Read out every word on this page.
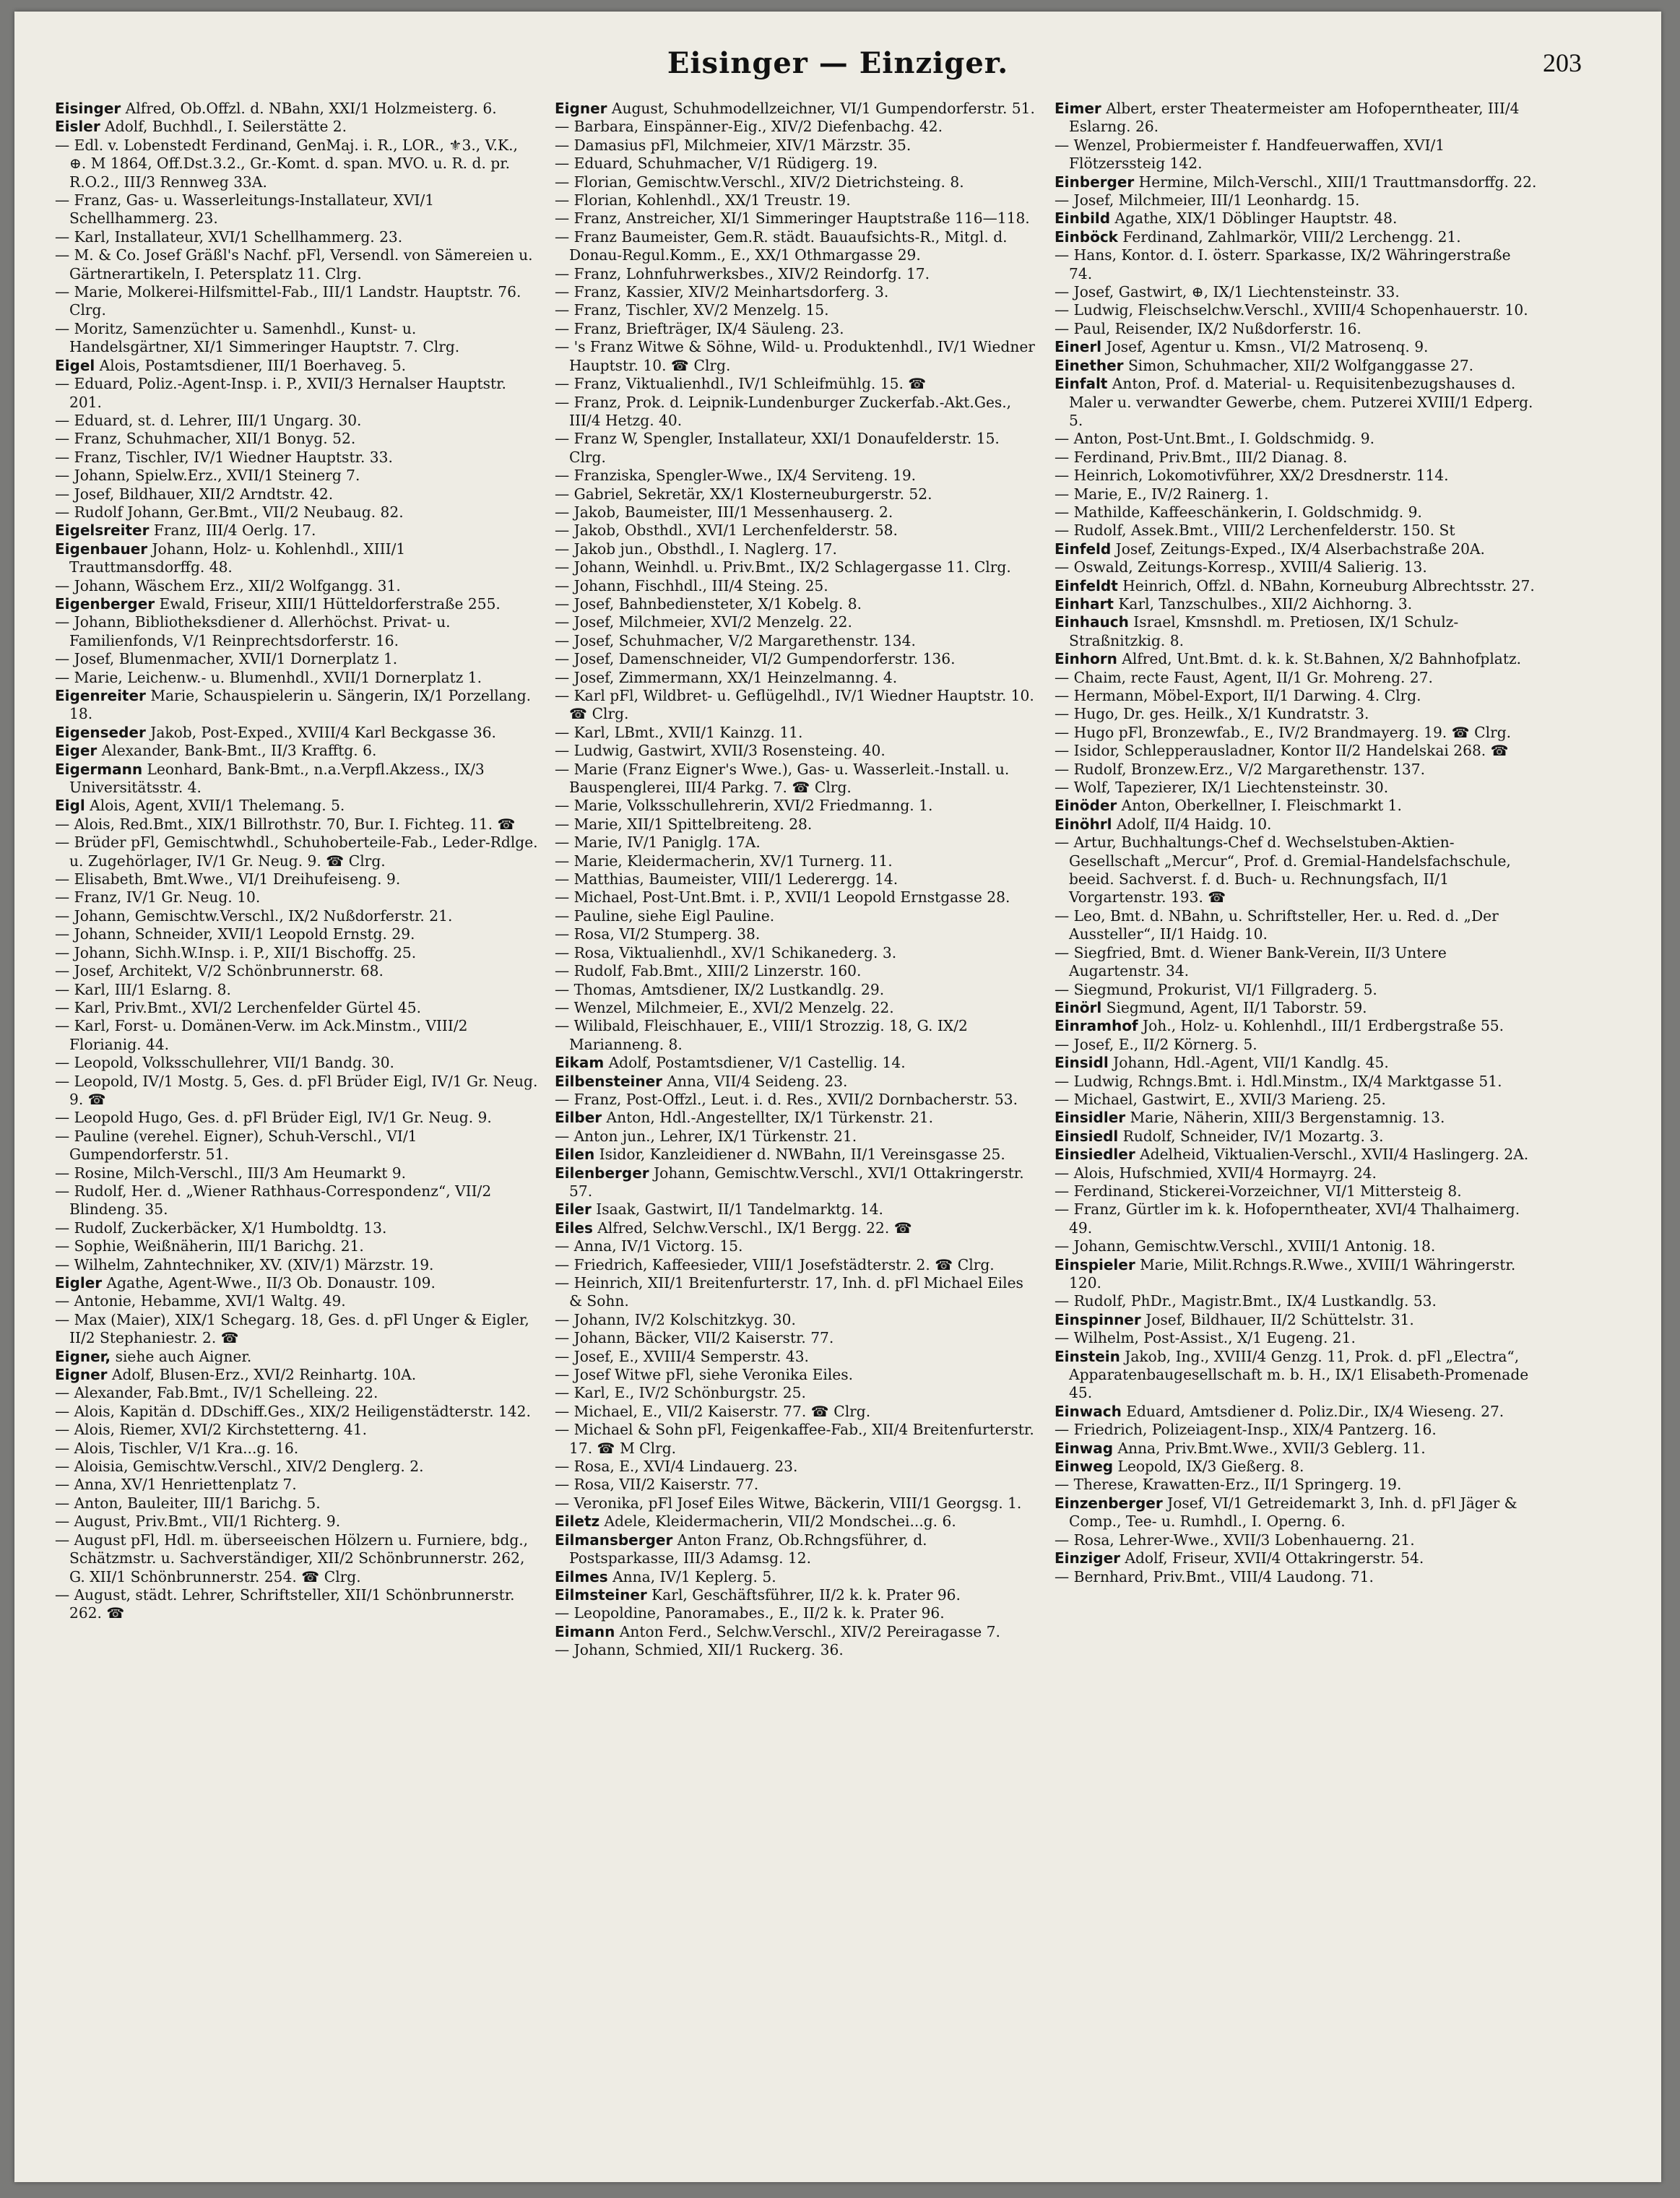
Eisinger — Einziger.	203

Eisinger Alfred, Ob.Offzl. d. NBahn, XXI/1 Holzmeisterg. 6.

Eisler Adolf, Buchhdl., I. Seilerstätte 2.

— Edl. v. Lobenstedt Ferdinand, GenMaj. i. R., LOR., ⚜3., V.K., ⊕. M 1864, Off.Dst.3.2., Gr.-Komt. d. span. MVO. u. R. d. pr. R.O.2., III/3 Rennweg 33A.

— Franz, Gas- u. Wasserleitungs-Installateur, XVI/1 Schellhammerg. 23.

— Karl, Installateur, XVI/1 Schellhammerg. 23.

— M. & Co. Josef Gräßl's Nachf. pFl, Versendl. von Sämereien u. Gärtnerartikeln, I. Petersplatz 11. Clrg.

— Marie, Molkerei-Hilfsmittel-Fab., III/1 Landstr. Hauptstr. 76. Clrg.

— Moritz, Samenzüchter u. Samenhdl., Kunst- u. Handelsgärtner, XI/1 Simmeringer Hauptstr. 7. Clrg.

Eigel Alois, Postamtsdiener, III/1 Boerhaveg. 5.

— Eduard, Poliz.-Agent-Insp. i. P., XVII/3 Hernalser Hauptstr. 201.

— Eduard, st. d. Lehrer, III/1 Ungarg. 30.

— Franz, Schuhmacher, XII/1 Bonyg. 52.

— Franz, Tischler, IV/1 Wiedner Hauptstr. 33.

— Johann, Spielw.Erz., XVII/1 Steinerg 7.

— Josef, Bildhauer, XII/2 Arndtstr. 42.

— Rudolf Johann, Ger.Bmt., VII/2 Neubaug. 82.

Eigelsreiter Franz, III/4 Oerlg. 17.

Eigenbauer Johann, Holz- u. Kohlenhdl., XIII/1 Trauttmansdorffg. 48.

— Johann, Wäschem Erz., XII/2 Wolfgangg. 31.

Eigenberger Ewald, Friseur, XIII/1 Hütteldorferstraße 255.

— Johann, Bibliotheksdiener d. Allerhöchst. Privat- u. Familienfonds, V/1 Reinprechtsdorferstr. 16.

— Josef, Blumenmacher, XVII/1 Dornerplatz 1.

— Marie, Leichenw.- u. Blumenhdl., XVII/1 Dornerplatz 1.

Eigenreiter Marie, Schauspielerin u. Sängerin, IX/1 Porzellang. 18.

Eigenseder Jakob, Post-Exped., XVIII/4 Karl Beckgasse 36.

Eiger Alexander, Bank-Bmt., II/3 Krafftg. 6.

Eigermann Leonhard, Bank-Bmt., n.a.Verpfl.Akzess., IX/3 Universitätsstr. 4.

Eigl Alois, Agent, XVII/1 Thelemang. 5.

— Alois, Red.Bmt., XIX/1 Billrothstr. 70, Bur. I. Fichteg. 11. ☎

— Brüder pFl, Gemischtwhdl., Schuhoberteile-Fab., Leder-Rdlge. u. Zugehörlager, IV/1 Gr. Neug. 9. ☎ Clrg.

— Elisabeth, Bmt.Wwe., VI/1 Dreihufeiseng. 9.

— Franz, IV/1 Gr. Neug. 10.

— Johann, Gemischtw.Verschl., IX/2 Nußdorferstr. 21.

— Johann, Schneider, XVII/1 Leopold Ernstg. 29.

— Johann, Sichh.W.Insp. i. P., XII/1 Bischoffg. 25.

— Josef, Architekt, V/2 Schönbrunnerstr. 68.

— Karl, III/1 Eslarng. 8.

— Karl, Priv.Bmt., XVI/2 Lerchenfelder Gürtel 45.

— Karl, Forst- u. Domänen-Verw. im Ack.Minstm., VIII/2 Florianig. 44.

— Leopold, Volksschullehrer, VII/1 Bandg. 30.

— Leopold, IV/1 Mostg. 5, Ges. d. pFl Brüder Eigl, IV/1 Gr. Neug. 9. ☎

— Leopold Hugo, Ges. d. pFl Brüder Eigl, IV/1 Gr. Neug. 9.

— Pauline (verehel. Eigner), Schuh-Verschl., VI/1 Gumpendorferstr. 51.

— Rosine, Milch-Verschl., III/3 Am Heumarkt 9.

— Rudolf, Her. d. „Wiener Rathhaus-Correspondenz“, VII/2 Blindeng. 35.

— Rudolf, Zuckerbäcker, X/1 Humboldtg. 13.

— Sophie, Weißnäherin, III/1 Barichg. 21.

— Wilhelm, Zahntechniker, XV. (XIV/1) Märzstr. 19.

Eigler Agathe, Agent-Wwe., II/3 Ob. Donaustr. 109.

— Antonie, Hebamme, XVI/1 Waltg. 49.

— Max (Maier), XIX/1 Schegarg. 18, Ges. d. pFl Unger & Eigler, II/2 Stephaniestr. 2. ☎

Eigner, siehe auch Aigner.

Eigner Adolf, Blusen-Erz., XVI/2 Reinhartg. 10A.

— Alexander, Fab.Bmt., IV/1 Schelleing. 22.

— Alois, Kapitän d. DDschiff.Ges., XIX/2 Heiligenstädterstr. 142.

— Alois, Riemer, XVI/2 Kirchstetterng. 41.

— Alois, Tischler, V/1 Kra...g. 16.

— Aloisia, Gemischtw.Verschl., XIV/2 Denglerg. 2.

— Anna, XV/1 Henriettenplatz 7.

— Anton, Bauleiter, III/1 Barichg. 5.

— August, Priv.Bmt., VII/1 Richterg. 9.

— August pFl, Hdl. m. überseeischen Hölzern u. Furniere, bdg., Schätzmstr. u. Sachverständiger, XII/2 Schönbrunnerstr. 262, G. XII/1 Schönbrunnerstr. 254. ☎ Clrg.

— August, städt. Lehrer, Schriftsteller, XII/1 Schönbrunnerstr. 262. ☎

Eigner August, Schuhmodellzeichner, VI/1 Gumpendorferstr. 51.

— Barbara, Einspänner-Eig., XIV/2 Diefenbachg. 42.

— Damasius pFl, Milchmeier, XIV/1 Märzstr. 35.

— Eduard, Schuhmacher, V/1 Rüdigerg. 19.

— Florian, Gemischtw.Verschl., XIV/2 Dietrichsteing. 8.

— Florian, Kohlenhdl., XX/1 Treustr. 19.

— Franz, Anstreicher, XI/1 Simmeringer Hauptstraße 116—118.

— Franz Baumeister, Gem.R. städt. Bauaufsichts-R., Mitgl. d. Donau-Regul.Komm., E., XX/1 Othmargasse 29.

— Franz, Lohnfuhrwerksbes., XIV/2 Reindorfg. 17.

— Franz, Kassier, XIV/2 Meinhartsdorferg. 3.

— Franz, Tischler, XV/2 Menzelg. 15.

— Franz, Briefträger, IX/4 Säuleng. 23.

— 's Franz Witwe & Söhne, Wild- u. Produktenhdl., IV/1 Wiedner Hauptstr. 10. ☎ Clrg.

— Franz, Viktualienhdl., IV/1 Schleifmühlg. 15. ☎

— Franz, Prok. d. Leipnik-Lundenburger Zuckerfab.-Akt.Ges., III/4 Hetzg. 40.

— Franz W, Spengler, Installateur, XXI/1 Donaufelderstr. 15. Clrg.

— Franziska, Spengler-Wwe., IX/4 Serviteng. 19.

— Gabriel, Sekretär, XX/1 Klosterneuburgerstr. 52.

— Jakob, Baumeister, III/1 Messenhauserg. 2.

— Jakob, Obsthdl., XVI/1 Lerchenfelderstr. 58.

— Jakob jun., Obsthdl., I. Naglerg. 17.

— Johann, Weinhdl. u. Priv.Bmt., IX/2 Schlagergasse 11. Clrg.

— Johann, Fischhdl., III/4 Steing. 25.

— Josef, Bahnbediensteter, X/1 Kobelg. 8.

— Josef, Milchmeier, XVI/2 Menzelg. 22.

— Josef, Schuhmacher, V/2 Margarethenstr. 134.

— Josef, Damenschneider, VI/2 Gumpendorferstr. 136.

— Josef, Zimmermann, XX/1 Heinzelmanng. 4.

— Karl pFl, Wildbret- u. Geflügelhdl., IV/1 Wiedner Hauptstr. 10. ☎ Clrg.

— Karl, LBmt., XVII/1 Kainzg. 11.

— Ludwig, Gastwirt, XVII/3 Rosensteing. 40.

— Marie (Franz Eigner's Wwe.), Gas- u. Wasserleit.-Install. u. Bauspenglerei, III/4 Parkg. 7. ☎ Clrg.

— Marie, Volksschullehrerin, XVI/2 Friedmanng. 1.

— Marie, XII/1 Spittelbreiteng. 28.

— Marie, IV/1 Paniglg. 17A.

— Marie, Kleidermacherin, XV/1 Turnerg. 11.

— Matthias, Baumeister, VIII/1 Lederergg. 14.

— Michael, Post-Unt.Bmt. i. P., XVII/1 Leopold Ernstgasse 28.

— Pauline, siehe Eigl Pauline.

— Rosa, VI/2 Stumperg. 38.

— Rosa, Viktualienhdl., XV/1 Schikanederg. 3.

— Rudolf, Fab.Bmt., XIII/2 Linzerstr. 160.

— Thomas, Amtsdiener, IX/2 Lustkandlg. 29.

— Wenzel, Milchmeier, E., XVI/2 Menzelg. 22.

— Wilibald, Fleischhauer, E., VIII/1 Strozzig. 18, G. IX/2 Marianneng. 8.

Eikam Adolf, Postamtsdiener, V/1 Castellig. 14.

Eilbensteiner Anna, VII/4 Seideng. 23.

— Franz, Post-Offzl., Leut. i. d. Res., XVII/2 Dornbacherstr. 53.

Eilber Anton, Hdl.-Angestellter, IX/1 Türkenstr. 21.

— Anton jun., Lehrer, IX/1 Türkenstr. 21.

Eilen Isidor, Kanzleidiener d. NWBahn, II/1 Vereinsgasse 25.

Eilenberger Johann, Gemischtw.Verschl., XVI/1 Ottakringerstr. 57.

Eiler Isaak, Gastwirt, II/1 Tandelmarktg. 14.

Eiles Alfred, Selchw.Verschl., IX/1 Bergg. 22. ☎

— Anna, IV/1 Victorg. 15.

— Friedrich, Kaffeesieder, VIII/1 Josefstädterstr. 2. ☎ Clrg.

— Heinrich, XII/1 Breitenfurterstr. 17, Inh. d. pFl Michael Eiles & Sohn.

— Johann, IV/2 Kolschitzkyg. 30.

— Johann, Bäcker, VII/2 Kaiserstr. 77.

— Josef, E., XVIII/4 Semperstr. 43.

— Josef Witwe pFl, siehe Veronika Eiles.

— Karl, E., IV/2 Schönburgstr. 25.

— Michael, E., VII/2 Kaiserstr. 77. ☎ Clrg.

— Michael & Sohn pFl, Feigenkaffee-Fab., XII/4 Breitenfurterstr. 17. ☎ M Clrg.

— Rosa, E., XVI/4 Lindauerg. 23.

— Rosa, VII/2 Kaiserstr. 77.

— Veronika, pFl Josef Eiles Witwe, Bäckerin, VIII/1 Georgsg. 1.

Eiletz Adele, Kleidermacherin, VII/2 Mondschei...g. 6.

Eilmansberger Anton Franz, Ob.Rchngsführer, d. Postsparkasse, III/3 Adamsg. 12.

Eilmes Anna, IV/1 Keplerg. 5.

Eilmsteiner Karl, Geschäftsführer, II/2 k. k. Prater 96.

— Leopoldine, Panoramabes., E., II/2 k. k. Prater 96.

Eimann Anton Ferd., Selchw.Verschl., XIV/2 Pereiragasse 7.

— Johann, Schmied, XII/1 Ruckerg. 36.

Eimer Albert, erster Theatermeister am Hofoperntheater, III/4 Eslarng. 26.

— Wenzel, Probiermeister f. Handfeuerwaffen, XVI/1 Flötzerssteig 142.

Einberger Hermine, Milch-Verschl., XIII/1 Trauttmansdorffg. 22.

— Josef, Milchmeier, III/1 Leonhardg. 15.

Einbild Agathe, XIX/1 Döblinger Hauptstr. 48.

Einböck Ferdinand, Zahlmarkör, VIII/2 Lerchengg. 21.

— Hans, Kontor. d. I. österr. Sparkasse, IX/2 Währingerstraße 74.

— Josef, Gastwirt, ⊕, IX/1 Liechtensteinstr. 33.

— Ludwig, Fleischselchw.Verschl., XVIII/4 Schopenhauerstr. 10.

— Paul, Reisender, IX/2 Nußdorferstr. 16.

Einerl Josef, Agentur u. Kmsn., VI/2 Matrosenq. 9.

Einether Simon, Schuhmacher, XII/2 Wolfganggasse 27.

Einfalt Anton, Prof. d. Material- u. Requisitenbezugshauses d. Maler u. verwandter Gewerbe, chem. Putzerei XVIII/1 Edperg. 5.

— Anton, Post-Unt.Bmt., I. Goldschmidg. 9.

— Ferdinand, Priv.Bmt., III/2 Dianag. 8.

— Heinrich, Lokomotivführer, XX/2 Dresdnerstr. 114.

— Marie, E., IV/2 Rainerg. 1.

— Mathilde, Kaffeeschänkerin, I. Goldschmidg. 9.

— Rudolf, Assek.Bmt., VIII/2 Lerchenfelderstr. 150. St

Einfeld Josef, Zeitungs-Exped., IX/4 Alserbachstraße 20A.

— Oswald, Zeitungs-Korresp., XVIII/4 Salierig. 13.

Einfeldt Heinrich, Offzl. d. NBahn, Korneuburg Albrechtsstr. 27.

Einhart Karl, Tanzschulbes., XII/2 Aichhorng. 3.

Einhauch Israel, Kmsnshdl. m. Pretiosen, IX/1 Schulz-Straßnitzkig. 8.

Einhorn Alfred, Unt.Bmt. d. k. k. St.Bahnen, X/2 Bahnhofplatz.

— Chaim, recte Faust, Agent, II/1 Gr. Mohreng. 27.

— Hermann, Möbel-Export, II/1 Darwing. 4. Clrg.

— Hugo, Dr. ges. Heilk., X/1 Kundratstr. 3.

— Hugo pFl, Bronzewfab., E., IV/2 Brandmayerg. 19. ☎ Clrg.

— Isidor, Schlepperausladner, Kontor II/2 Handelskai 268. ☎

— Rudolf, Bronzew.Erz., V/2 Margarethenstr. 137.

— Wolf, Tapezierer, IX/1 Liechtensteinstr. 30.

Einöder Anton, Oberkellner, I. Fleischmarkt 1.

Einöhrl Adolf, II/4 Haidg. 10.

— Artur, Buchhaltungs-Chef d. Wechselstuben-Aktien-Gesellschaft „Mercur“, Prof. d. Gremial-Handelsfachschule, beeid. Sachverst. f. d. Buch- u. Rechnungsfach, II/1 Vorgartenstr. 193. ☎

— Leo, Bmt. d. NBahn, u. Schriftsteller, Her. u. Red. d. „Der Aussteller“, II/1 Haidg. 10.

— Siegfried, Bmt. d. Wiener Bank-Verein, II/3 Untere Augartenstr. 34.

— Siegmund, Prokurist, VI/1 Fillgraderg. 5.

Einörl Siegmund, Agent, II/1 Taborstr. 59.

Einramhof Joh., Holz- u. Kohlenhdl., III/1 Erdbergstraße 55.

— Josef, E., II/2 Körnerg. 5.

Einsidl Johann, Hdl.-Agent, VII/1 Kandlg. 45.

— Ludwig, Rchngs.Bmt. i. Hdl.Minstm., IX/4 Marktgasse 51.

— Michael, Gastwirt, E., XVII/3 Marieng. 25.

Einsidler Marie, Näherin, XIII/3 Bergenstamnig. 13.

Einsiedl Rudolf, Schneider, IV/1 Mozartg. 3.

Einsiedler Adelheid, Viktualien-Verschl., XVII/4 Haslingerg. 2A.

— Alois, Hufschmied, XVII/4 Hormayrg. 24.

— Ferdinand, Stickerei-Vorzeichner, VI/1 Mittersteig 8.

— Franz, Gürtler im k. k. Hofoperntheater, XVI/4 Thalhaimerg. 49.

— Johann, Gemischtw.Verschl., XVIII/1 Antonig. 18.

Einspieler Marie, Milit.Rchngs.R.Wwe., XVIII/1 Währingerstr. 120.

— Rudolf, PhDr., Magistr.Bmt., IX/4 Lustkandlg. 53.

Einspinner Josef, Bildhauer, II/2 Schüttelstr. 31.

— Wilhelm, Post-Assist., X/1 Eugeng. 21.

Einstein Jakob, Ing., XVIII/4 Genzg. 11, Prok. d. pFl „Electra“, Apparatenbaugesellschaft m. b. H., IX/1 Elisabeth-Promenade 45.

Einwach Eduard, Amtsdiener d. Poliz.Dir., IX/4 Wieseng. 27.

— Friedrich, Polizeiagent-Insp., XIX/4 Pantzerg. 16.

Einwag Anna, Priv.Bmt.Wwe., XVII/3 Geblerg. 11.

Einweg Leopold, IX/3 Gießerg. 8.

— Therese, Krawatten-Erz., II/1 Springerg. 19.

Einzenberger Josef, VI/1 Getreidemarkt 3, Inh. d. pFl Jäger & Comp., Tee- u. Rumhdl., I. Operng. 6.

— Rosa, Lehrer-Wwe., XVII/3 Lobenhauerng. 21.

Einziger Adolf, Friseur, XVII/4 Ottakringerstr. 54.

— Bernhard, Priv.Bmt., VIII/4 Laudong. 71.
